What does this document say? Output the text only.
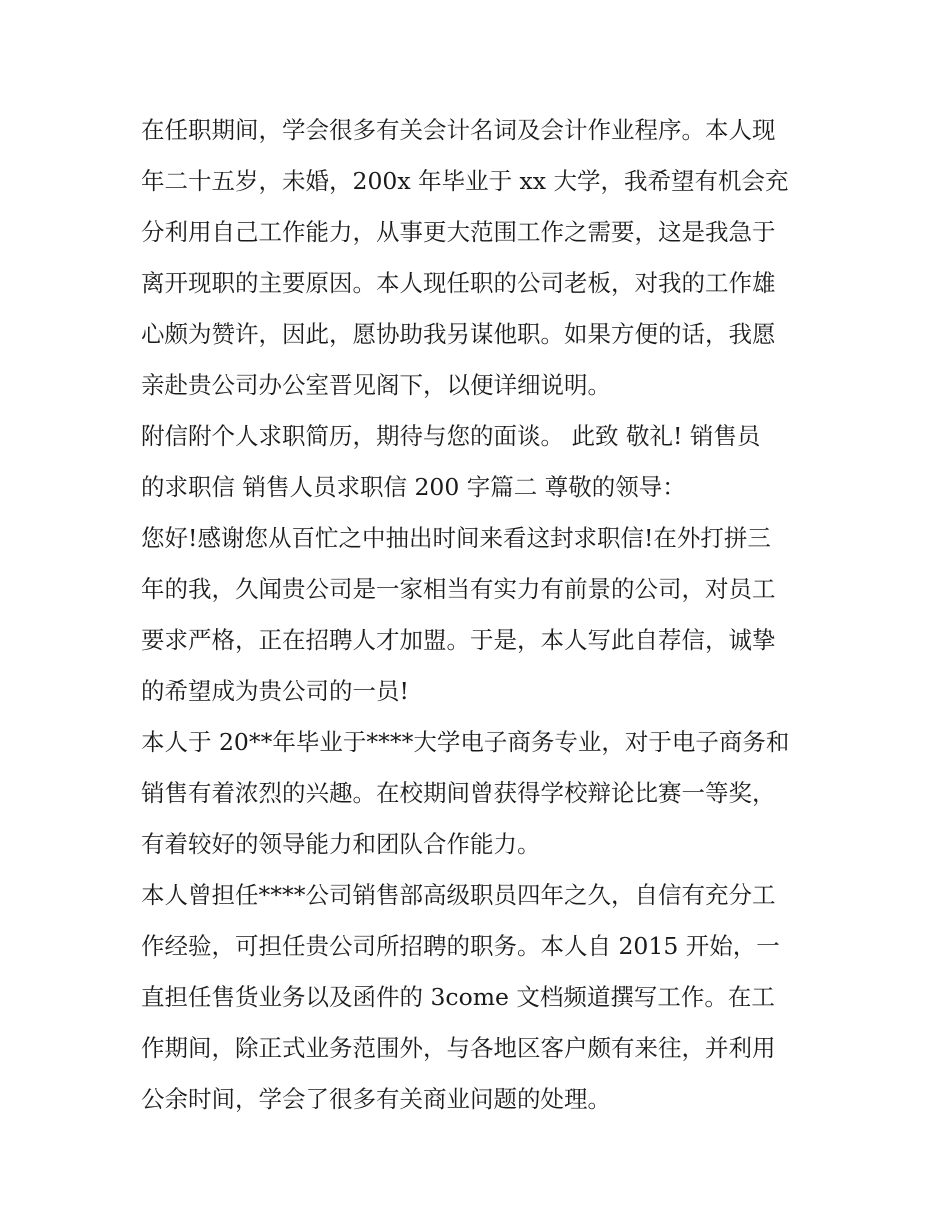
在任职期间，学会很多有关会计名词及会计作业程序。本人现
年二十五岁，未婚，200x 年毕业于 xx 大学，我希望有机会充
分利用自己工作能力，从事更大范围工作之需要，这是我急于
离开现职的主要原因。本人现任职的公司老板，对我的工作雄
心颇为赞许，因此，愿协助我另谋他职。如果方便的话，我愿
亲赴贵公司办公室晋见阁下，以便详细说明。
附信附个人求职简历，期待与您的面谈。 此致 敬礼! 销售员
的求职信 销售人员求职信 200 字篇二 尊敬的领导：
您好!感谢您从百忙之中抽出时间来看这封求职信!在外打拼三
年的我，久闻贵公司是一家相当有实力有前景的公司，对员工
要求严格，正在招聘人才加盟。于是，本人写此自荐信，诚挚
的希望成为贵公司的一员!
本人于 20**年毕业于****大学电子商务专业，对于电子商务和
销售有着浓烈的兴趣。在校期间曾获得学校辩论比赛一等奖，
有着较好的领导能力和团队合作能力。
本人曾担任****公司销售部高级职员四年之久，自信有充分工
作经验，可担任贵公司所招聘的职务。本人自 2015 开始，一
直担任售货业务以及函件的 3come 文档频道撰写工作。在工
作期间，除正式业务范围外，与各地区客户颇有来往，并利用
公余时间，学会了很多有关商业问题的处理。
